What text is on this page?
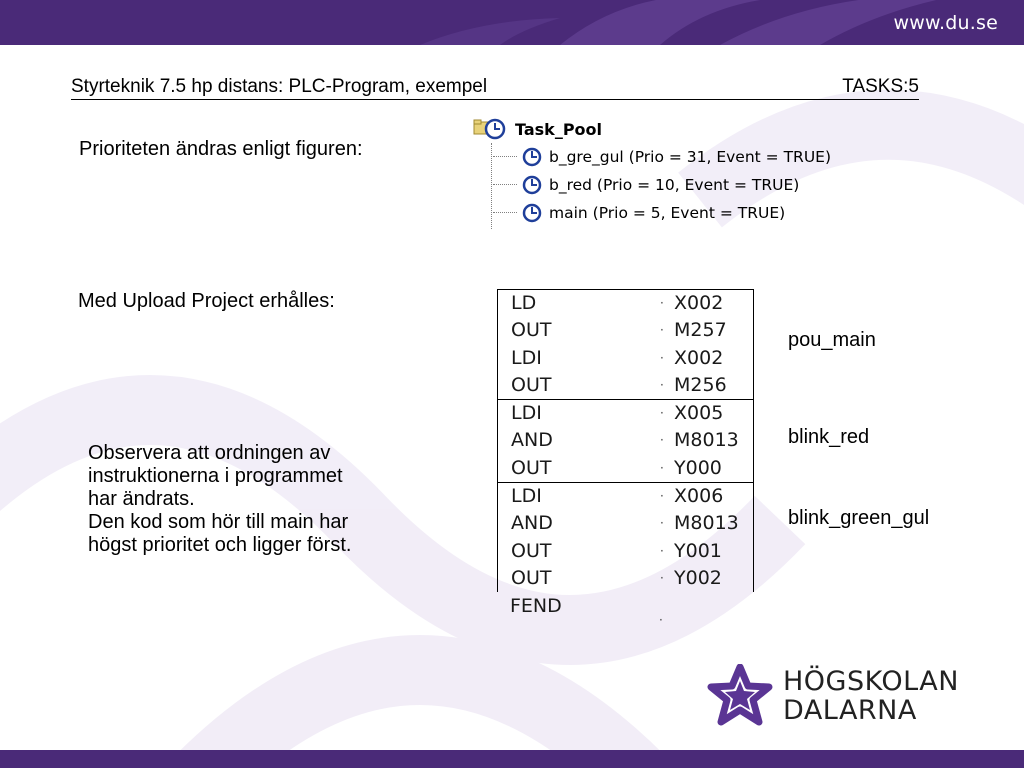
www.du.se
Styrteknik 7.5 hp distans: PLC-Program, exempel	TASKS:5
Prioriteten ändras enligt figuren:
Task_Pool
b_gre_gul (Prio = 31, Event = TRUE)
b_red (Prio = 10, Event = TRUE)
main (Prio = 5, Event = TRUE)
Med Upload Project erhålles:
Observera att ordningen av
instruktionerna i programmet
har ändrats.
Den kod som hör till main har
högst prioritet och ligger först.
LD	· X002
OUT	· M257
LDI	· X002
OUT	· M256
LDI	· X005
AND	· M8013
OUT	· Y000
LDI	· X006
AND	· M8013
OUT	· Y001
OUT	· Y002
FEND
·
pou_main
blink_red
blink_green_gul
HÖGSKOLAN
DALARNA
